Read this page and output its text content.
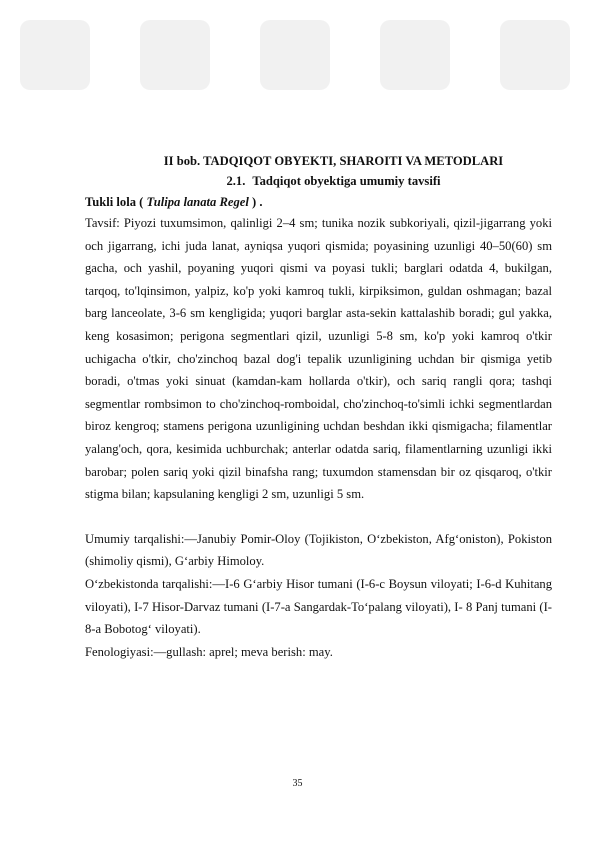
II bob. TADQIQOT OBYEKTI, SHAROITI VA METODLARI

2.1. Tadqiqot obyektiga umumiy tavsifi

Tukli lola ( Tulipa lanata Regel ) .

Tavsif: Piyozi tuxumsimon, qalinligi 2–4 sm; tunika nozik subkoriyali, qizil-jigarrang yoki och jigarrang, ichi juda lanat, ayniqsa yuqori qismida; poyasining uzunligi 40–50(60) sm gacha, och yashil, poyaning yuqori qismi va poyasi tukli; barglari odatda 4, bukilgan, tarqoq, to'lqinsimon, yalpiz, ko'p yoki kamroq tukli, kirpiksimon, guldan oshmagan; bazal barg lanceolate, 3-6 sm kengligida; yuqori barglar asta-sekin kattalashib boradi; gul yakka, keng kosasimon; perigona segmentlari qizil, uzunligi 5-8 sm, ko'p yoki kamroq o'tkir uchigacha o'tkir, cho'zinchoq bazal dog'i tepalik uzunligining uchdan bir qismiga yetib boradi, o'tmas yoki sinuat (kamdan-kam hollarda o'tkir), och sariq rangli qora; tashqi segmentlar rombsimon to cho'zinchoq-romboidal, cho'zinchoq-to'simli ichki segmentlardan biroz kengroq; stamens perigona uzunligining uchdan beshdan ikki qismigacha; filamentlar yalang'och, qora, kesimida uchburchak; anterlar odatda sariq, filamentlarning uzunligi ikki barobar; polen sariq yoki qizil binafsha rang; tuxumdon stamensdan bir oz qisqaroq, o'tkir stigma bilan; kapsulaning kengligi 2 sm, uzunligi 5 sm.

Umumiy tarqalishi:—Janubiy Pomir-Oloy (Tojikiston, Oʻzbekiston, Afgʻoniston), Pokiston (shimoliy qismi), Gʻarbiy Himoloy.

Oʻzbekistonda tarqalishi:—I-6 Gʻarbiy Hisor tumani (I-6-c Boysun viloyati; I-6-d Kuhitang viloyati), I-7 Hisor-Darvaz tumani (I-7-a Sangardak-Toʻpalang viloyati), I- 8 Panj tumani (I-8-a Bobotogʻ viloyati).

Fenologiyasi:—gullash: aprel; meva berish: may.

35
